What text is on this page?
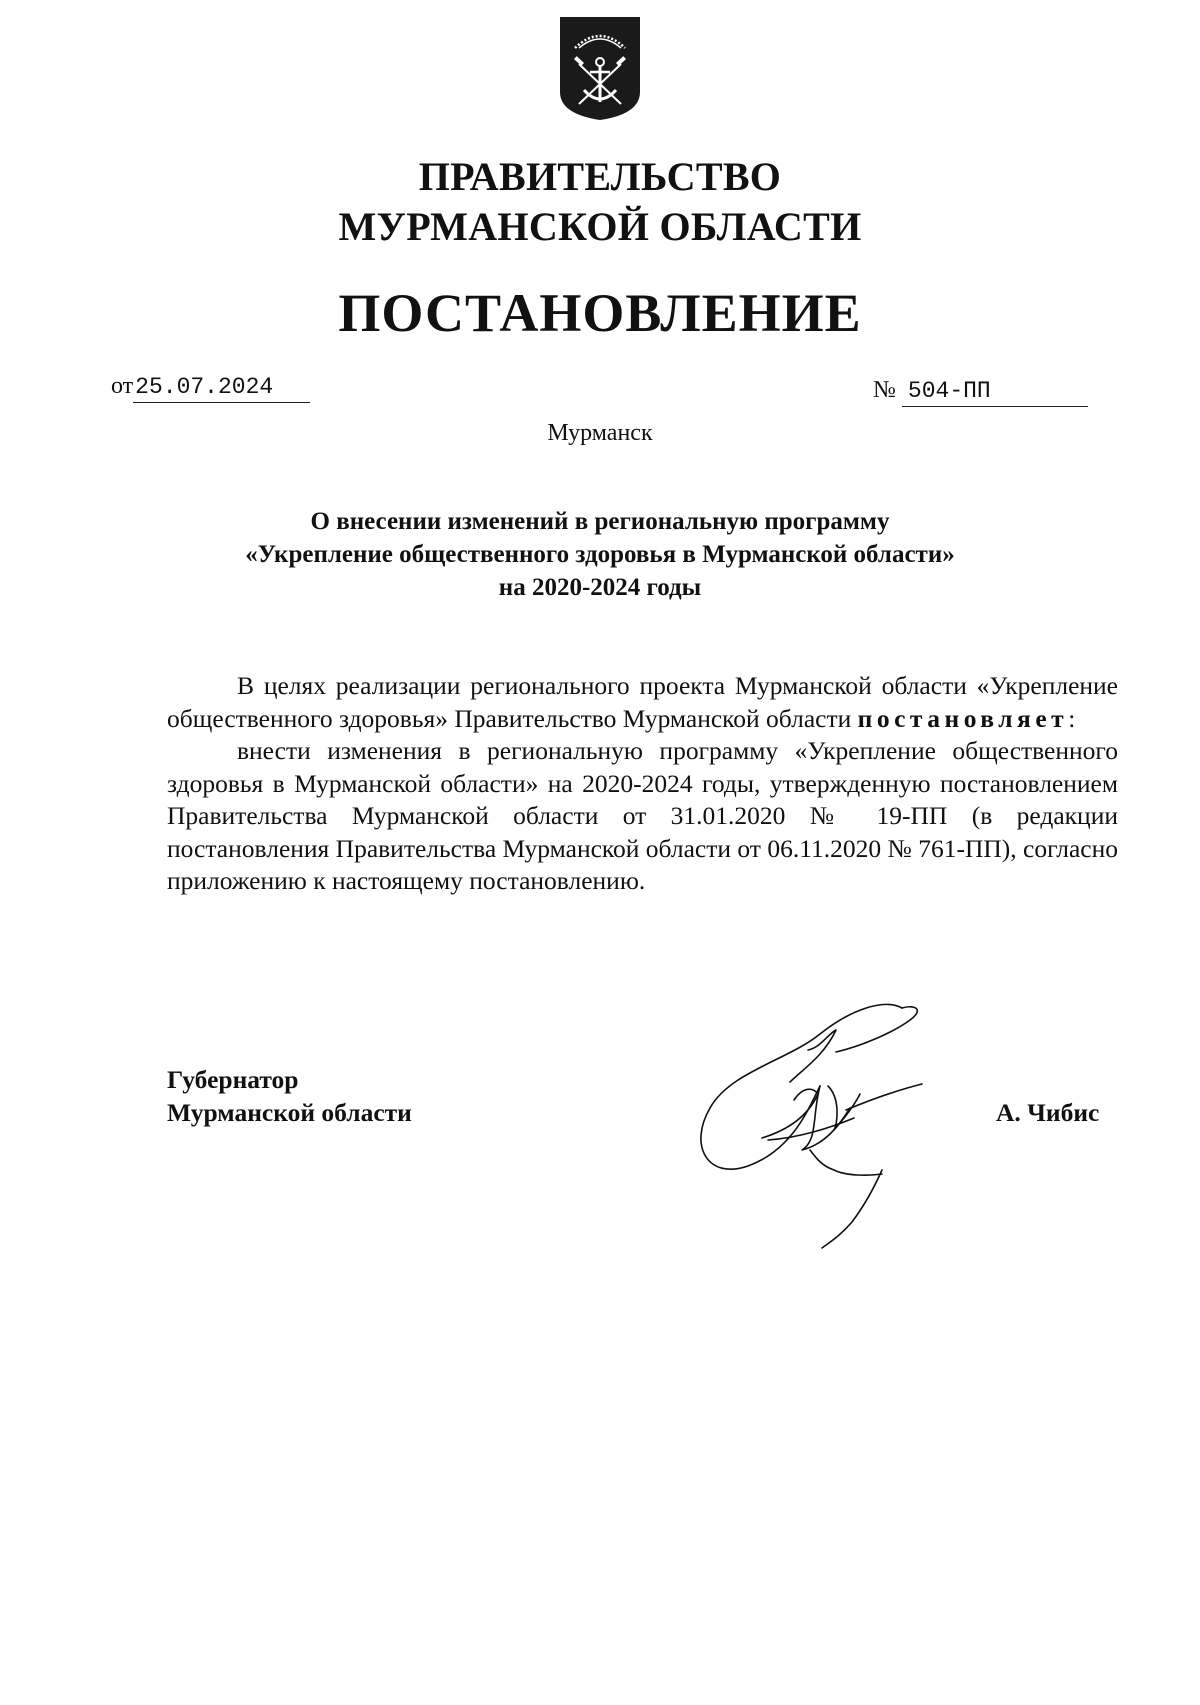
ПРАВИТЕЛЬСТВО
МУРМАНСКОЙ ОБЛАСТИ
ПОСТАНОВЛЕНИЕ
от25.07.2024	№ 504-ПП
Мурманск
О внесении изменений в региональную программу
«Укрепление общественного здоровья в Мурманской области»
на 2020-2024 годы

В целях реализации регионального проекта Мурманской области «Укрепление общественного здоровья» Правительство Мурманской области постановляет:

внести изменения в региональную программу «Укрепление общественного здоровья в Мурманской области» на 2020-2024 годы, утвержденную постановлением Правительства Мурманской области от 31.01.2020 № 19-ПП (в редакции постановления Правительства Мурманской области от 06.11.2020 № 761-ПП), согласно приложению к настоящему постановлению.

Губернатор
Мурманской области	А. Чибис
